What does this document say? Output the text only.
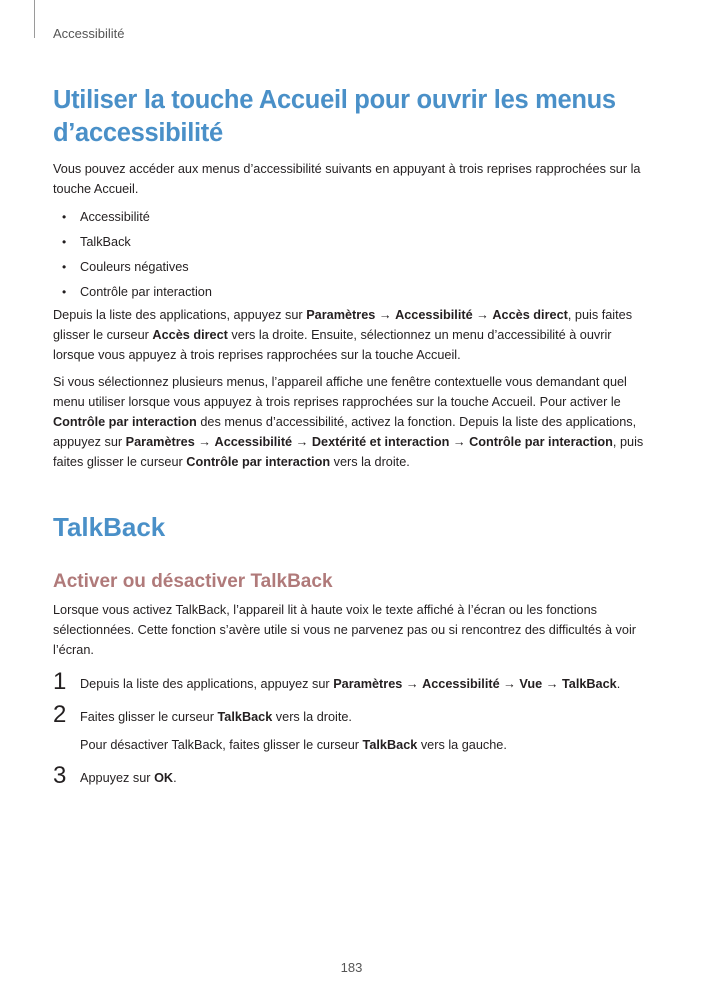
Accessibilité
Utiliser la touche Accueil pour ouvrir les menus
d’accessibilité

Vous pouvez accéder aux menus d’accessibilité suivants en appuyant à trois reprises rapprochées sur la touche Accueil.

• Accessibilité
• TalkBack
• Couleurs négatives
• Contrôle par interaction

Depuis la liste des applications, appuyez sur Paramètres → Accessibilité → Accès direct, puis faites glisser le curseur Accès direct vers la droite. Ensuite, sélectionnez un menu d’accessibilité à ouvrir lorsque vous appuyez à trois reprises rapprochées sur la touche Accueil.

Si vous sélectionnez plusieurs menus, l’appareil affiche une fenêtre contextuelle vous demandant quel menu utiliser lorsque vous appuyez à trois reprises rapprochées sur la touche Accueil. Pour activer le Contrôle par interaction des menus d’accessibilité, activez la fonction. Depuis la liste des applications, appuyez sur Paramètres → Accessibilité → Dextérité et interaction → Contrôle par interaction, puis faites glisser le curseur Contrôle par interaction vers la droite.

TalkBack
Activer ou désactiver TalkBack

Lorsque vous activez TalkBack, l’appareil lit à haute voix le texte affiché à l’écran ou les fonctions sélectionnées. Cette fonction s’avère utile si vous ne parvenez pas ou si rencontrez des difficultés à voir l’écran.

1 Depuis la liste des applications, appuyez sur Paramètres → Accessibilité → Vue → TalkBack.

2 Faites glisser le curseur TalkBack vers la droite.

Pour désactiver TalkBack, faites glisser le curseur TalkBack vers la gauche.

3 Appuyez sur OK.

183
